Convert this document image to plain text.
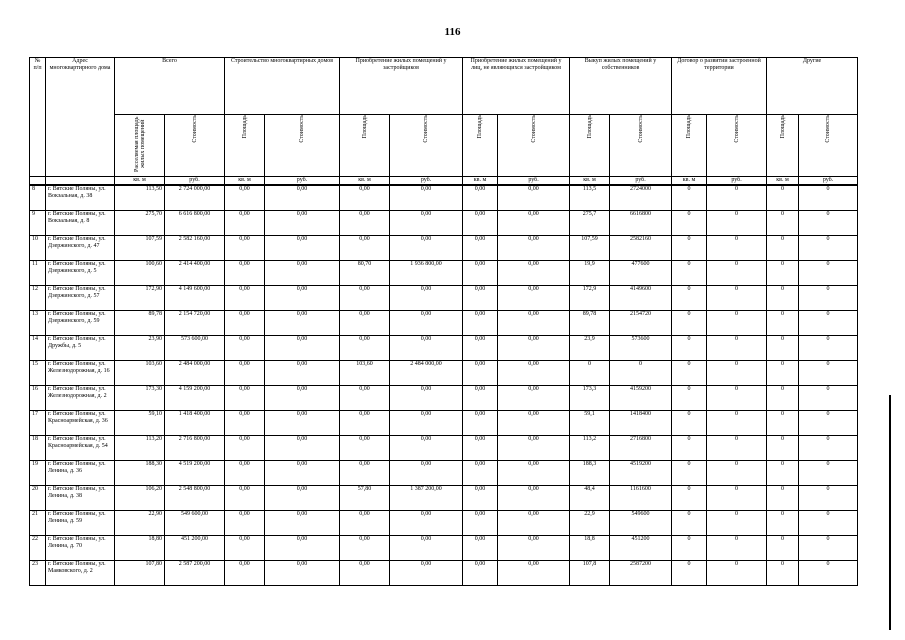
116
№ п/п	Адрес многоквартирного дома	Всего		Строительство многоквартирных домов		Приобретение жилых помещений у застройщиков		Приобретение жилых помещений у лиц, не являющихся застройщиком		Выкуп жилых помещений у собственников		Договор о развитии застроенной территории		Другие	
		Расселяемая площадь жилых помещений	Стоимость	Площадь	Стоимость	Площадь	Стоимость	Площадь	Стоимость	Площадь	Стоимость	Площадь	Стоимость	Площадь	Стоимость
		кв. м	руб.	кв. м	руб.	кв. м	руб.	кв. м	руб.	кв. м	руб.	кв. м	руб.	кв. м	руб.
8	г. Вятские Поляны, ул. Вокзальная, д. 38	113,50	2 724 000,00	0,00	0,00	0,00	0,00	0,00	0,00	113,5	2724000	0	0	0	0
9	г. Вятские Поляны, ул. Вокзальная, д. 8	275,70	6 616 800,00	0,00	0,00	0,00	0,00	0,00	0,00	275,7	6616800	0	0	0	0
10	г. Вятские Поляны, ул. Дзержинского, д. 47	107,59	2 582 160,00	0,00	0,00	0,00	0,00	0,00	0,00	107,59	2582160	0	0	0	0
11	г. Вятские Поляны, ул. Дзержинского, д. 5	100,60	2 414 400,00	0,00	0,00	80,70	1 936 800,00	0,00	0,00	19,9	477600	0	0	0	0
12	г. Вятские Поляны, ул. Дзержинского, д. 57	172,90	4 149 600,00	0,00	0,00	0,00	0,00	0,00	0,00	172,9	4149600	0	0	0	0
13	г. Вятские Поляны, ул. Дзержинского, д. 59	89,78	2 154 720,00	0,00	0,00	0,00	0,00	0,00	0,00	89,78	2154720	0	0	0	0
14	г. Вятские Поляны, ул. Дружбы, д. 5	23,90	573 600,00	0,00	0,00	0,00	0,00	0,00	0,00	23,9	573600	0	0	0	0
15	г. Вятские Поляны, ул. Железнодорожная, д. 16	103,60	2 484 000,00	0,00	0,00	103,60	2 484 000,00	0,00	0,00	0	0	0	0	0	0
16	г. Вятские Поляны, ул. Железнодорожная, д. 2	173,30	4 159 200,00	0,00	0,00	0,00	0,00	0,00	0,00	173,3	4159200	0	0	0	0
17	г. Вятские Поляны, ул. Красноармейская, д. 36	59,10	1 418 400,00	0,00	0,00	0,00	0,00	0,00	0,00	59,1	1418400	0	0	0	0
18	г. Вятские Поляны, ул. Красноармейская, д. 54	113,20	2 716 800,00	0,00	0,00	0,00	0,00	0,00	0,00	113,2	2716800	0	0	0	0
19	г. Вятские Поляны, ул. Ленина, д. 36	188,30	4 519 200,00	0,00	0,00	0,00	0,00	0,00	0,00	188,3	4519200	0	0	0	0
20	г. Вятские Поляны, ул. Ленина, д. 38	106,20	2 548 800,00	0,00	0,00	57,80	1 387 200,00	0,00	0,00	48,4	1161600	0	0	0	0
21	г. Вятские Поляны, ул. Ленина, д. 59	22,90	549 600,00	0,00	0,00	0,00	0,00	0,00	0,00	22,9	549600	0	0	0	0
22	г. Вятские Поляны, ул. Ленина, д. 70	18,80	451 200,00	0,00	0,00	0,00	0,00	0,00	0,00	18,8	451200	0	0	0	0
23	г. Вятские Поляны, ул. Маяковского, д. 2	107,80	2 587 200,00	0,00	0,00	0,00	0,00	0,00	0,00	107,8	2587200	0	0	0	0
